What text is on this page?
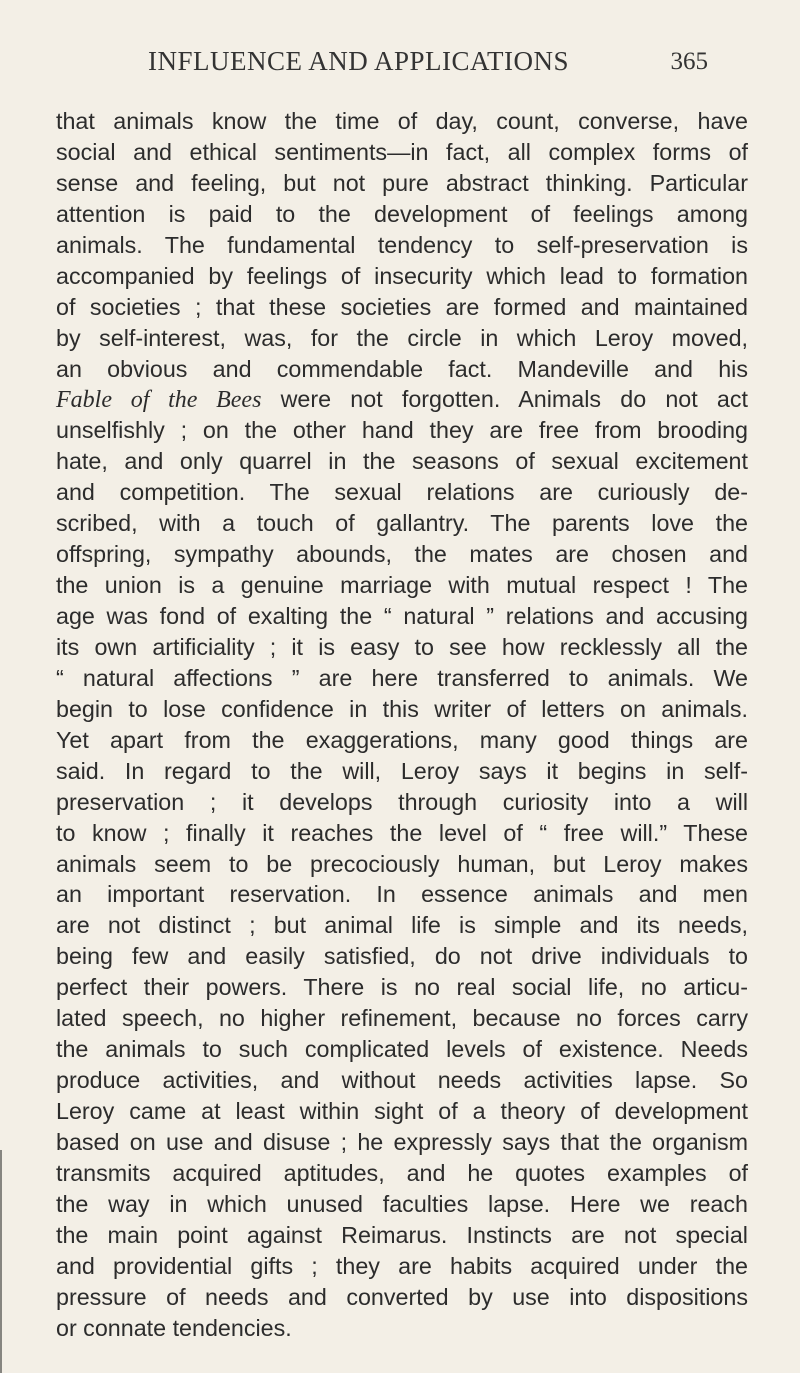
INFLUENCE AND APPLICATIONS	365
that animals know the time of day, count, converse, have
social and ethical sentiments—in fact, all complex forms of
sense and feeling, but not pure abstract thinking. Particular
attention is paid to the development of feelings among
animals. The fundamental tendency to self-preservation is
accompanied by feelings of insecurity which lead to formation
of societies ; that these societies are formed and maintained
by self-interest, was, for the circle in which Leroy moved,
an obvious and commendable fact. Mandeville and his
Fable of the Bees were not forgotten. Animals do not act
unselfishly ; on the other hand they are free from brooding
hate, and only quarrel in the seasons of sexual excitement
and competition. The sexual relations are curiously de-
scribed, with a touch of gallantry. The parents love the
offspring, sympathy abounds, the mates are chosen and
the union is a genuine marriage with mutual respect ! The
age was fond of exalting the “ natural ” relations and accusing
its own artificiality ; it is easy to see how recklessly all the
“ natural affections ” are here transferred to animals. We
begin to lose confidence in this writer of letters on animals.
Yet apart from the exaggerations, many good things are
said. In regard to the will, Leroy says it begins in self-
preservation ; it develops through curiosity into a will
to know ; finally it reaches the level of “ free will.” These
animals seem to be precociously human, but Leroy makes
an important reservation. In essence animals and men
are not distinct ; but animal life is simple and its needs,
being few and easily satisfied, do not drive individuals to
perfect their powers. There is no real social life, no articu-
lated speech, no higher refinement, because no forces carry
the animals to such complicated levels of existence. Needs
produce activities, and without needs activities lapse. So
Leroy came at least within sight of a theory of development
based on use and disuse ; he expressly says that the organism
transmits acquired aptitudes, and he quotes examples of
the way in which unused faculties lapse. Here we reach
the main point against Reimarus. Instincts are not special
and providential gifts ; they are habits acquired under the
pressure of needs and converted by use into dispositions
or connate tendencies.
